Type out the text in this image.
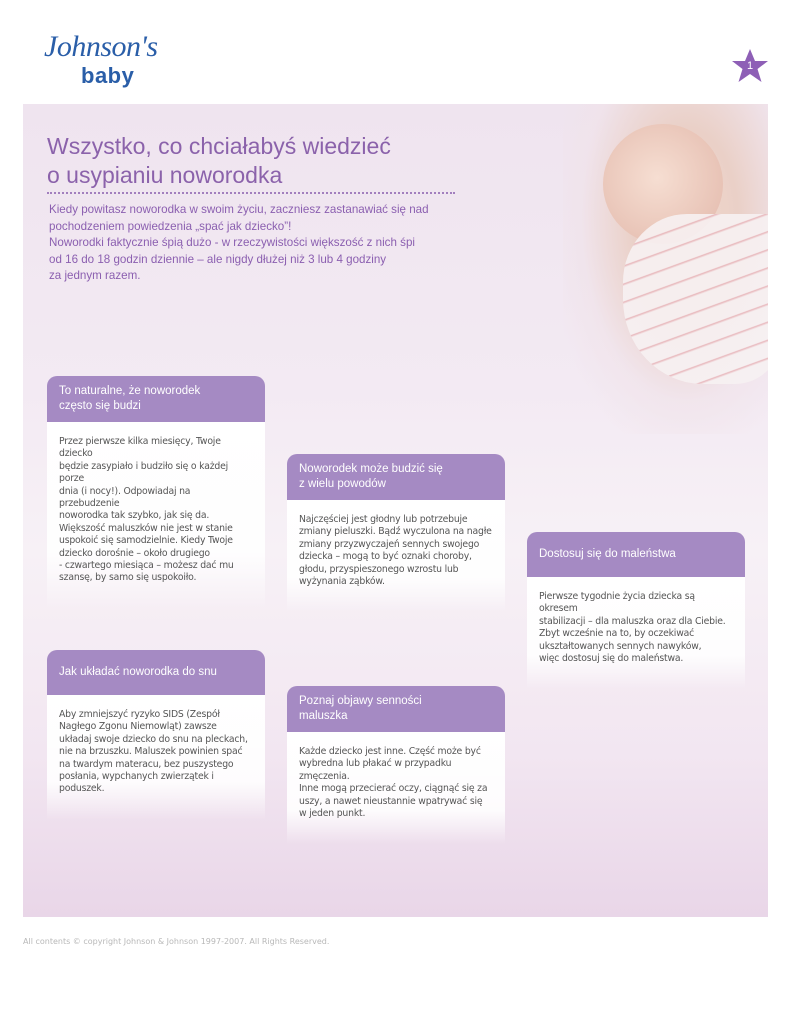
Johnson's
baby	1
Wszystko, co chciałabyś wiedzieć
o usypianiu noworodka
Kiedy powitasz noworodka w swoim życiu, zaczniesz zastanawiać się nad
pochodzeniem powiedzenia „spać jak dziecko”!
Noworodki faktycznie śpią dużo - w rzeczywistości większość z nich śpi
od 16 do 18 godzin dziennie – ale nigdy dłużej niż 3 lub 4 godziny
za jednym razem.
To naturalne, że noworodek
często się budzi
Przez pierwsze kilka miesięcy, Twoje dziecko
będzie zasypiało i budziło się o każdej porze
dnia (i nocy!). Odpowiadaj na przebudzenie
noworodka tak szybko, jak się da.
Większość maluszków nie jest w stanie
uspokoić się samodzielnie. Kiedy Twoje
dziecko dorośnie – około drugiego
- czwartego miesiąca – możesz dać mu
szansę, by samo się uspokoiło.
Noworodek może budzić się
z wielu powodów
Najczęściej jest głodny lub potrzebuje
zmiany pieluszki. Bądź wyczulona na nagłe
zmiany przyzwyczajeń sennych swojego
dziecka – mogą to być oznaki choroby,
głodu, przyspieszonego wzrostu lub
wyżynania ząbków.
Dostosuj się do maleństwa
Pierwsze tygodnie życia dziecka są okresem
stabilizacji – dla maluszka oraz dla Ciebie.
Zbyt wcześnie na to, by oczekiwać
ukształtowanych sennych nawyków,
więc dostosuj się do maleństwa.
Jak układać noworodka do snu
Aby zmniejszyć ryzyko SIDS (Zespół
Nagłego Zgonu Niemowląt) zawsze
układaj swoje dziecko do snu na pleckach,
nie na brzuszku. Maluszek powinien spać
na twardym materacu, bez puszystego
posłania, wypchanych zwierzątek i poduszek.
Poznaj objawy senności
maluszka
Każde dziecko jest inne. Część może być
wybredna lub płakać w przypadku zmęczenia.
Inne mogą przecierać oczy, ciągnąć się za
uszy, a nawet nieustannie wpatrywać się
w jeden punkt.
All contents © copyright Johnson & Johnson 1997-2007. All Rights Reserved.
